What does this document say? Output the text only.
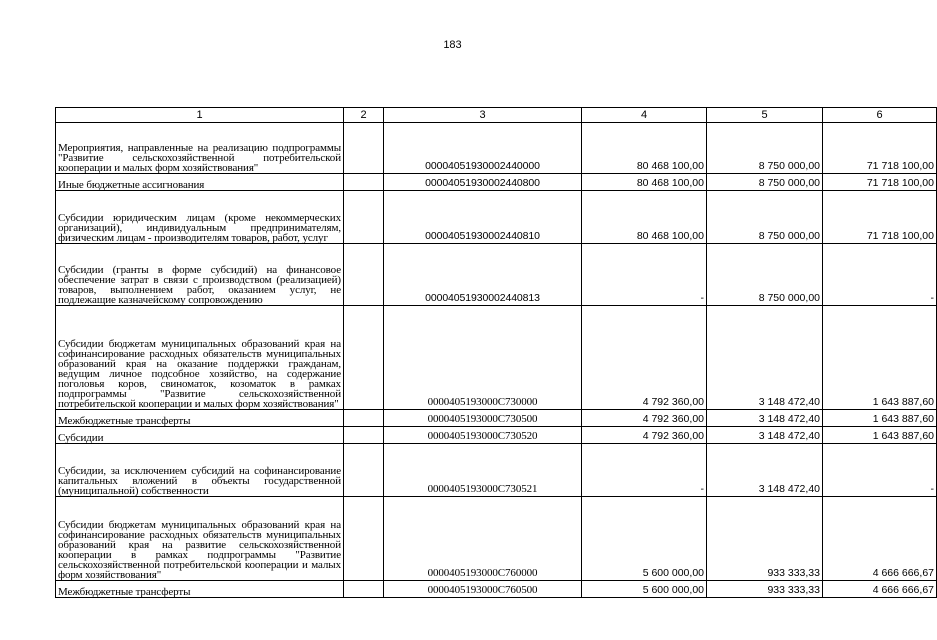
183
1	2	3	4	5	6
Мероприятия, направленные на реализацию подпрограммы "Развитие сельскохозяйственной потребительской кооперации и малых форм хозяйствования"		00004051930002440000	80 468 100,00	8 750 000,00	71 718 100,00
Иные бюджетные ассигнования		00004051930002440800	80 468 100,00	8 750 000,00	71 718 100,00
Субсидии юридическим лицам (кроме некоммерческих организаций), индивидуальным предпринимателям, физическим лицам - производителям товаров, работ, услуг		00004051930002440810	80 468 100,00	8 750 000,00	71 718 100,00
Субсидии (гранты в форме субсидий) на финансовое обеспечение затрат в связи с производством (реализацией) товаров, выполнением работ, оказанием услуг, не подлежащие казначейскому сопровождению		00004051930002440813	-	8 750 000,00	-
Субсидии бюджетам муниципальных образований края на софинансирование расходных обязательств муниципальных образований края на оказание поддержки гражданам, ведущим личное подсобное хозяйство, на содержание поголовья коров, свиноматок, козоматок в рамках подпрограммы "Развитие сельскохозяйственной потребительской кооперации и малых форм хозяйствования"		0000405193000С730000	4 792 360,00	3 148 472,40	1 643 887,60
Межбюджетные трансферты		0000405193000С730500	4 792 360,00	3 148 472,40	1 643 887,60
Субсидии		0000405193000С730520	4 792 360,00	3 148 472,40	1 643 887,60
Субсидии, за исключением субсидий на софинансирование капитальных вложений в объекты государственной (муниципальной) собственности		0000405193000С730521	-	3 148 472,40	-
Субсидии бюджетам муниципальных образований края на софинансирование расходных обязательств муниципальных образований края на развитие сельскохозяйственной кооперации в рамках подпрограммы "Развитие сельскохозяйственной потребительской кооперации и малых форм хозяйствования"		0000405193000С760000	5 600 000,00	933 333,33	4 666 666,67
Межбюджетные трансферты		0000405193000С760500	5 600 000,00	933 333,33	4 666 666,67
